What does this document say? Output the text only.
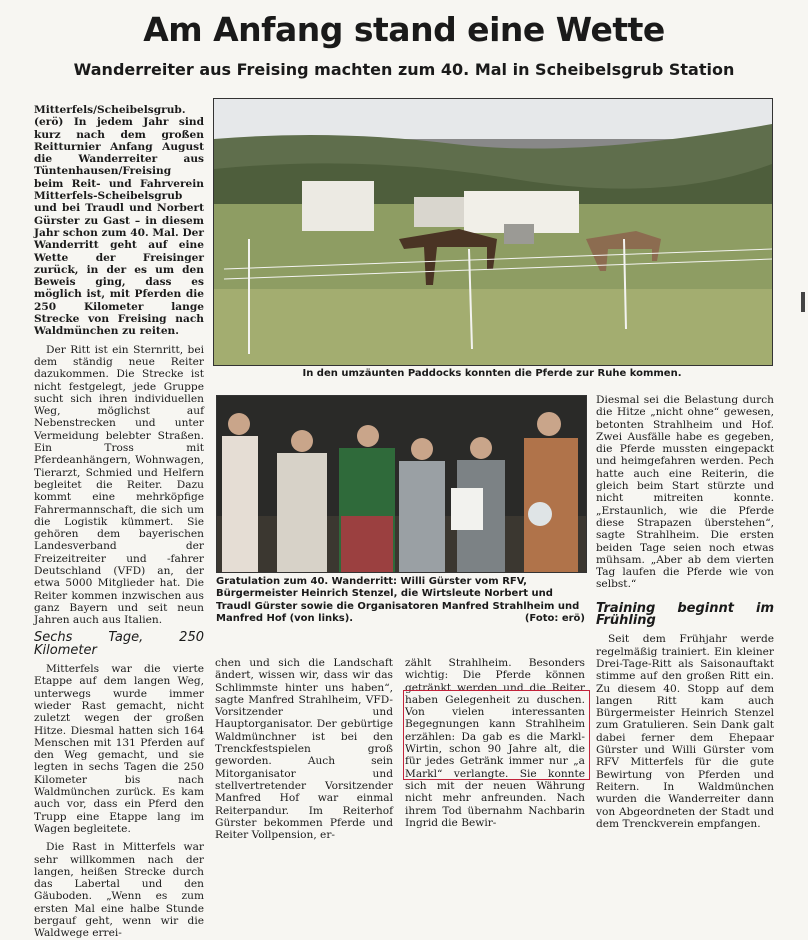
Am Anfang stand eine Wette
Wanderreiter aus Freising machten zum 40. Mal in Scheibelsgrub Station

Mitterfels/Scheibelsgrub. (erö) In jedem Jahr sind kurz nach dem großen Reitturnier Anfang August die Wanderreiter aus Tüntenhausen/Freising beim Reit- und Fahrverein Mitterfels-Scheibelsgrub und bei Traudl und Norbert Gürster zu Gast – in diesem Jahr schon zum 40. Mal. Der Wanderritt geht auf eine Wette der Freisinger zurück, in der es um den Beweis ging, dass es möglich ist, mit Pferden die 250 Kilometer lange Strecke von Freising nach Waldmünchen zu reiten.

Der Ritt ist ein Sternritt, bei dem ständig neue Reiter dazukommen. Die Strecke ist nicht festgelegt, jede Gruppe sucht sich ihren individuellen Weg, möglichst auf Nebenstrecken und unter Vermeidung belebter Straßen. Ein Tross mit Pferdeanhängern, Wohnwagen, Tierarzt, Schmied und Helfern begleitet die Reiter. Dazu kommt eine mehrköpfige Fahrermannschaft, die sich um die Logistik kümmert. Sie gehören dem bayerischen Landesverband der Freizeitreiter und -fahrer Deutschland (VFD) an, der etwa 5000 Mitglieder hat. Die Reiter kommen inzwischen aus ganz Bayern und seit neun Jahren auch aus Italien.

Sechs Tage, 250 Kilometer

Mitterfels war die vierte Etappe auf dem langen Weg, unterwegs wurde immer wieder Rast gemacht, nicht zuletzt wegen der großen Hitze. Diesmal hatten sich 164 Menschen mit 131 Pferden auf den Weg gemacht, und sie legten in sechs Tagen die 250 Kilometer bis nach Waldmünchen zurück. Es kam auch vor, dass ein Pferd den Trupp eine Etappe lang im Wagen begleitete.

Die Rast in Mitterfels war sehr willkommen nach der langen, heißen Strecke durch das Labertal und den Gäuboden. „Wenn es zum ersten Mal eine halbe Stunde bergauf geht, wenn wir die Waldwege errei-

In den umzäunten Paddocks konnten die Pferde zur Ruhe kommen.
Gratulation zum 40. Wanderritt: Willi Gürster vom RFV, Bürgermeister Heinrich Stenzel, die Wirtsleute Norbert und Traudl Gürster sowie die Organisatoren Manfred Strahlheim und Manfred Hof (von links).	(Foto: erö)

chen und sich die Landschaft ändert, wissen wir, dass wir das Schlimmste hinter uns haben“, sagte Manfred Strahlheim, VFD-Vorsitzender und Hauptorganisator. Der gebürtige Waldmünchner ist bei den Trenckfestspielen groß geworden. Auch sein Mitorganisator und stellvertretender Vorsitzender Manfred Hof war einmal Reiterpandur. Im Reiterhof Gürster bekommen Pferde und Reiter Vollpension, er-

zählt Strahlheim. Besonders wichtig: Die Pferde können getränkt werden und die Reiter haben Gelegenheit zu duschen. Von vielen interessanten Begegnungen kann Strahlheim erzählen: Da gab es die Markl-Wirtin, schon 90 Jahre alt, die für jedes Getränk immer nur „a Markl“ verlangte. Sie konnte sich mit der neuen Währung nicht mehr anfreunden. Nach ihrem Tod übernahm Nachbarin Ingrid die Bewir-

Diesmal sei die Belastung durch die Hitze „nicht ohne“ gewesen, betonten Strahlheim und Hof. Zwei Ausfälle habe es gegeben, die Pferde mussten eingepackt und heimgefahren werden. Pech hatte auch eine Reiterin, die gleich beim Start stürzte und nicht mitreiten konnte. „Erstaunlich, wie die Pferde diese Strapazen überstehen“, sagte Strahlheim. Die ersten beiden Tage seien noch etwas mühsam. „Aber ab dem vierten Tag laufen die Pferde wie von selbst.“

Training beginnt im Frühling

Seit dem Frühjahr werde regelmäßig trainiert. Ein kleiner Drei-Tage-Ritt als Saisonauftakt stimme auf den großen Ritt ein. Zu diesem 40. Stopp auf dem langen Ritt kam auch Bürgermeister Heinrich Stenzel zum Gratulieren. Sein Dank galt dabei ferner dem Ehepaar Gürster und Willi Gürster vom RFV Mitterfels für die gute Bewirtung von Pferden und Reitern. In Waldmünchen wurden die Wanderreiter dann von Abgeordneten der Stadt und dem Trenckverein empfangen.
